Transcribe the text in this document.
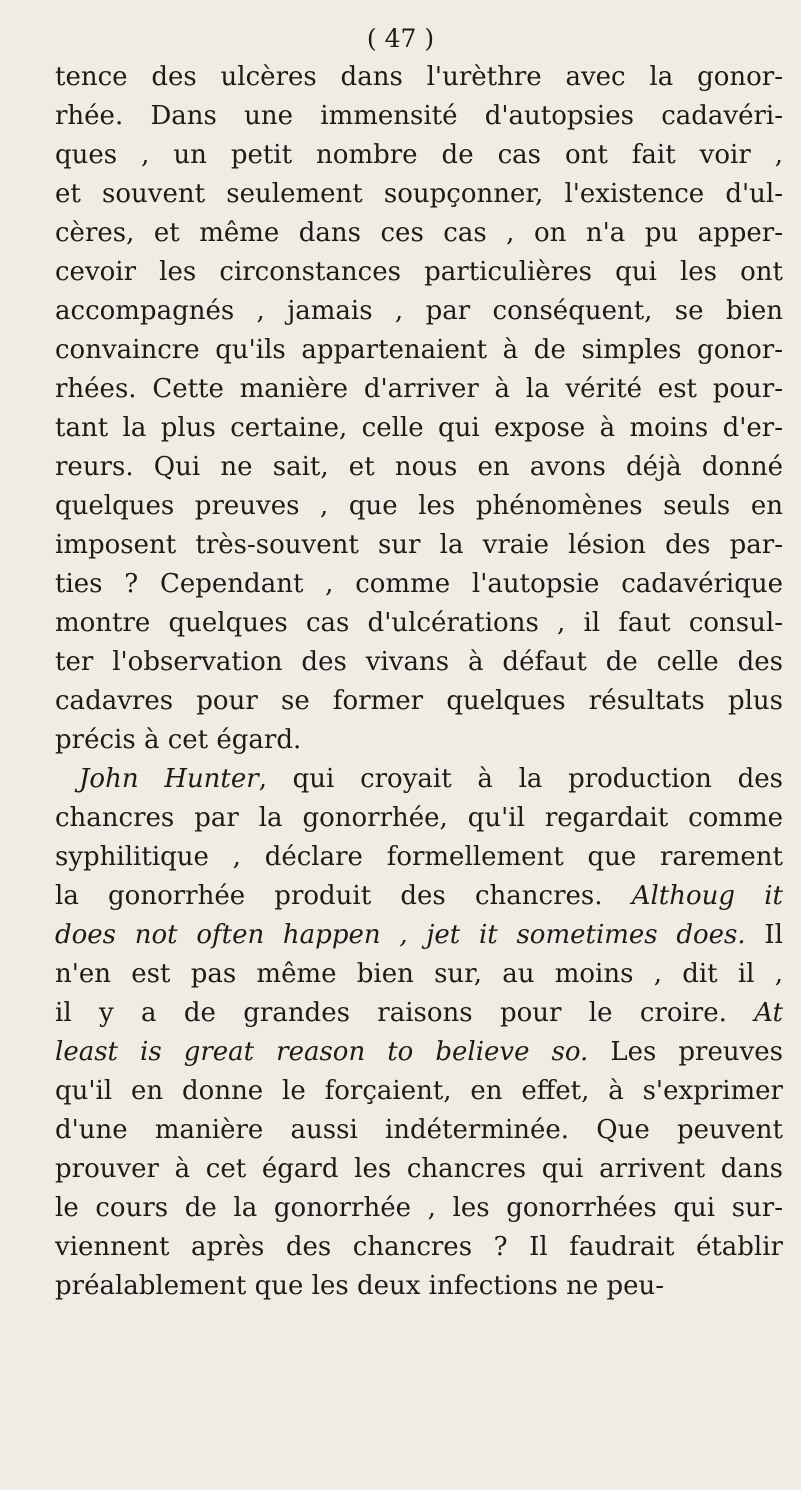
( 47 )
tence des ulcères dans l'urèthre avec la gonor-
rhée. Dans une immensité d'autopsies cadavéri-
ques , un petit nombre de cas ont fait voir ,
et souvent seulement soupçonner, l'existence d'ul-
cères, et même dans ces cas , on n'a pu apper-
cevoir les circonstances particulières qui les ont
accompagnés , jamais , par conséquent, se bien
convaincre qu'ils appartenaient à de simples gonor-
rhées. Cette manière d'arriver à la vérité est pour-
tant la plus certaine, celle qui expose à moins d'er-
reurs. Qui ne sait, et nous en avons déjà donné
quelques preuves , que les phénomènes seuls en
imposent très-souvent sur la vraie lésion des par-
ties ? Cependant , comme l'autopsie cadavérique
montre quelques cas d'ulcérations , il faut consul-
ter l'observation des vivans à défaut de celle des
cadavres pour se former quelques résultats plus
précis à cet égard.
John Hunter, qui croyait à la production des
chancres par la gonorrhée, qu'il regardait comme
syphilitique , déclare formellement que rarement
la gonorrhée produit des chancres. Althoug it
does not often happen , jet it sometimes does. Il
n'en est pas même bien sur, au moins , dit il ,
il y a de grandes raisons pour le croire. At
least is great reason to believe so. Les preuves
qu'il en donne le forçaient, en effet, à s'exprimer
d'une manière aussi indéterminée. Que peuvent
prouver à cet égard les chancres qui arrivent dans
le cours de la gonorrhée , les gonorrhées qui sur-
viennent après des chancres ? Il faudrait établir
préalablement que les deux infections ne peu-
